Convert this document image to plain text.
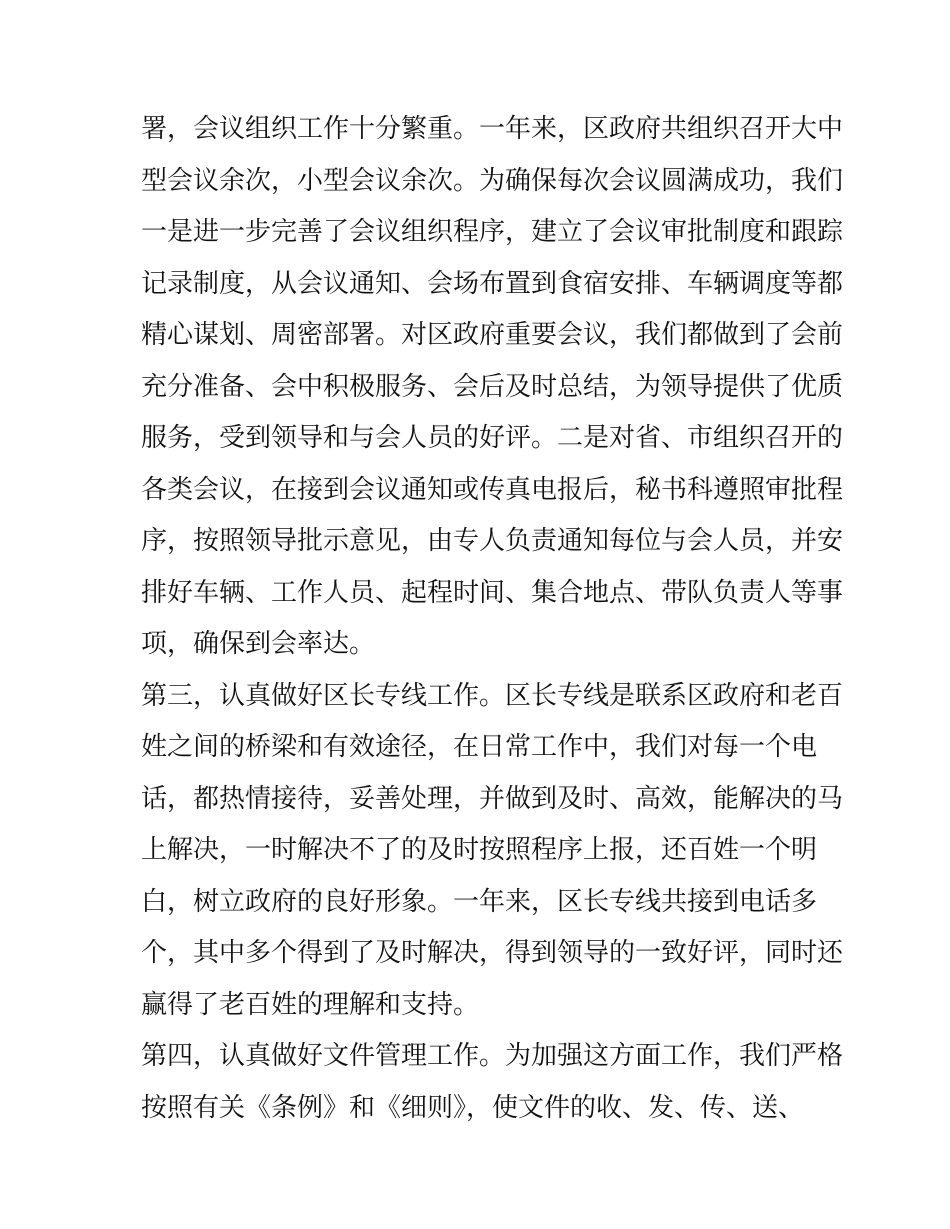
署，会议组织工作十分繁重。一年来，区政府共组织召开大中
型会议余次，小型会议余次。为确保每次会议圆满成功，我们
一是进一步完善了会议组织程序，建立了会议审批制度和跟踪
记录制度，从会议通知、会场布置到食宿安排、车辆调度等都
精心谋划、周密部署。对区政府重要会议，我们都做到了会前
充分准备、会中积极服务、会后及时总结，为领导提供了优质
服务，受到领导和与会人员的好评。二是对省、市组织召开的
各类会议，在接到会议通知或传真电报后，秘书科遵照审批程
序，按照领导批示意见，由专人负责通知每位与会人员，并安
排好车辆、工作人员、起程时间、集合地点、带队负责人等事
项，确保到会率达。
第三，认真做好区长专线工作。区长专线是联系区政府和老百
姓之间的桥梁和有效途径，在日常工作中，我们对每一个电
话，都热情接待，妥善处理，并做到及时、高效，能解决的马
上解决，一时解决不了的及时按照程序上报，还百姓一个明
白，树立政府的良好形象。一年来，区长专线共接到电话多
个，其中多个得到了及时解决，得到领导的一致好评，同时还
赢得了老百姓的理解和支持。
第四，认真做好文件管理工作。为加强这方面工作，我们严格
按照有关《条例》和《细则》，使文件的收、发、传、送、
